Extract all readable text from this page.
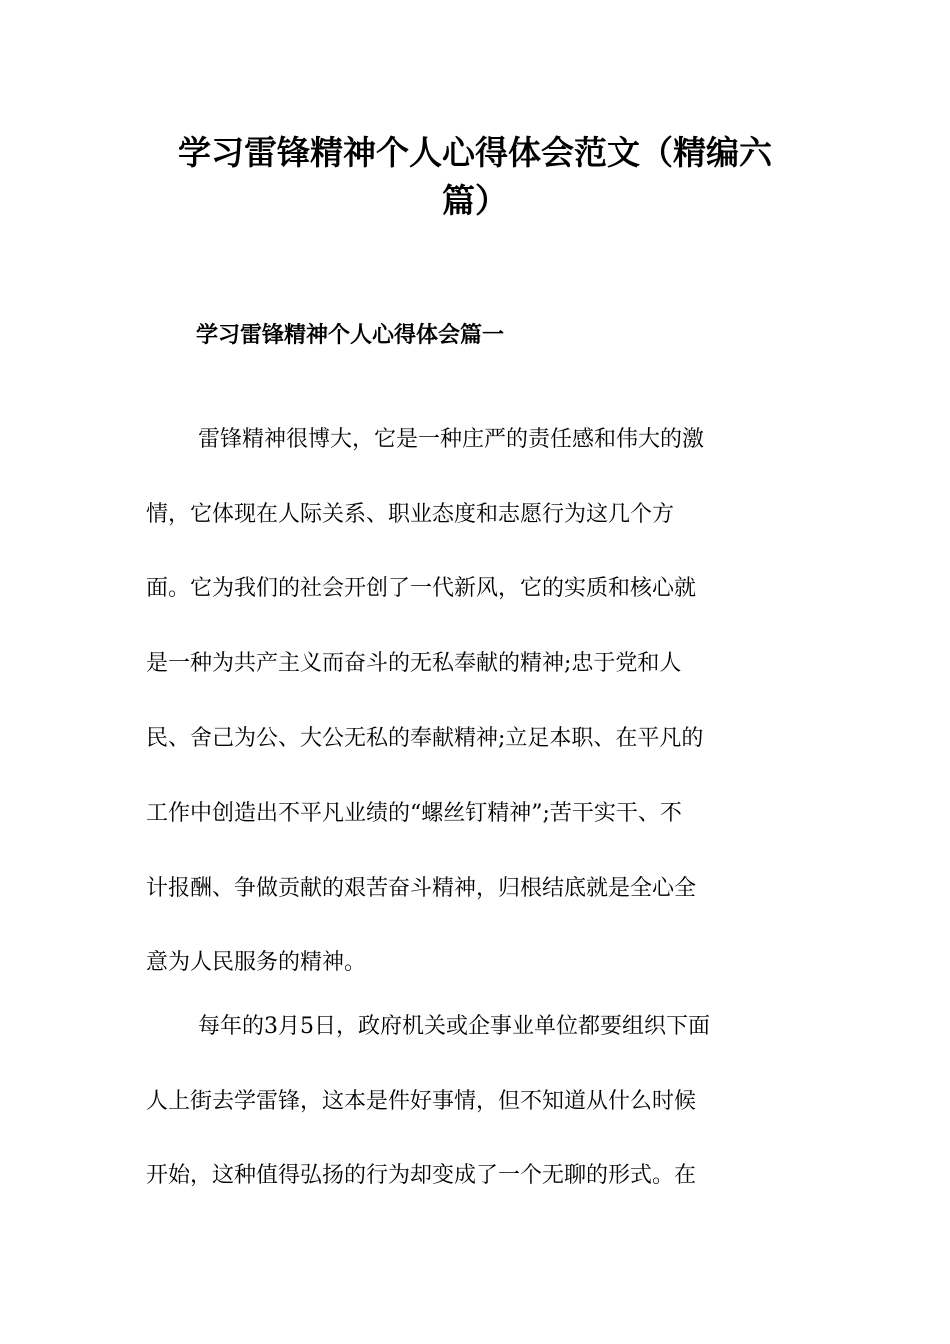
学习雷锋精神个人心得体会范文（精编六
篇）
学习雷锋精神个人心得体会篇一
雷锋精神很博大，它是一种庄严的责任感和伟大的激
情，它体现在人际关系、职业态度和志愿行为这几个方
面。它为我们的社会开创了一代新风，它的实质和核心就
是一种为共产主义而奋斗的无私奉献的精神;忠于党和人
民、舍己为公、大公无私的奉献精神;立足本职、在平凡的
工作中创造出不平凡业绩的“螺丝钉精神”;苦干实干、不
计报酬、争做贡献的艰苦奋斗精神，归根结底就是全心全
意为人民服务的精神。
每年的3月5日，政府机关或企事业单位都要组织下面
人上街去学雷锋，这本是件好事情，但不知道从什么时候
开始，这种值得弘扬的行为却变成了一个无聊的形式。在
